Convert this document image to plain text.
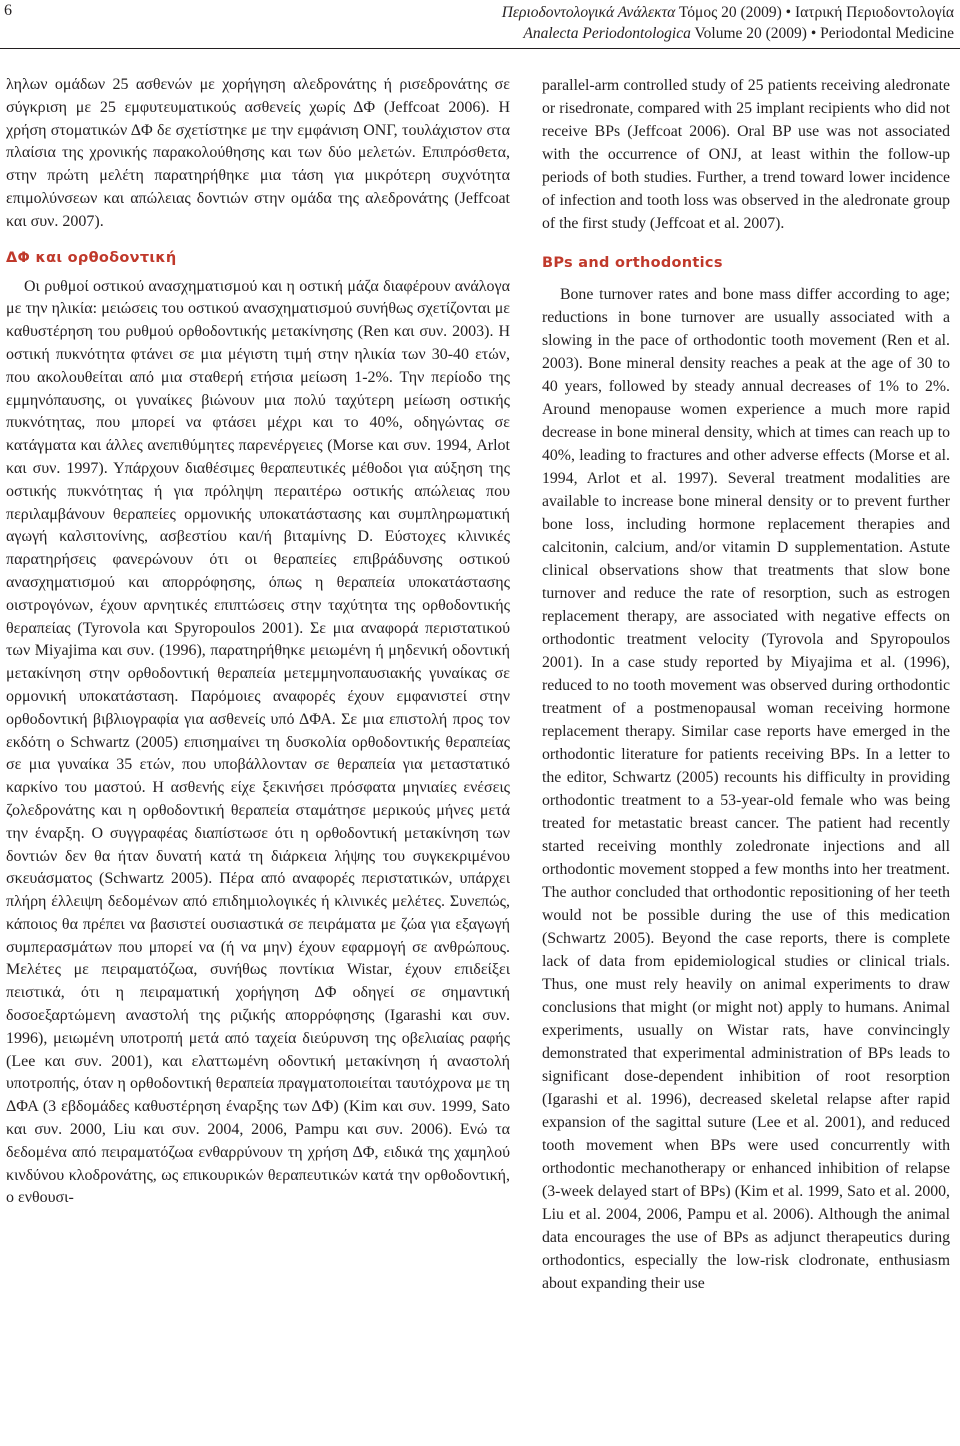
6	Περιοδοντολογικά Ανάλεκτα Τόμος 20 (2009) • Ιατρική Περιοδοντολογία
Analecta Periodontologica Volume 20 (2009) • Periodontal Medicine

ληλων ομάδων 25 ασθενών με χορήγηση αλεδρονάτης ή ρισεδρονάτης σε σύγκριση με 25 εμφυτευματικούς ασθενείς χωρίς ΔΦ (Jeffcoat 2006). Η χρήση στοματικών ΔΦ δε σχετίστηκε με την εμφάνιση ΟΝΓ, τουλάχιστον στα πλαίσια της χρονικής παρακολούθησης και των δύο μελετών. Επιπρόσθετα, στην πρώτη μελέτη παρατηρήθηκε μια τάση για μικρότερη συχνότητα επιμολύνσεων και απώλειας δοντιών στην ομάδα της αλεδρονάτης (Jeffcoat και συν. 2007).

ΔΦ και ορθοδοντική

Οι ρυθμοί οστικού ανασχηματισμού και η οστική μάζα διαφέρουν ανάλογα με την ηλικία: μειώσεις του οστικού ανασχηματισμού συνήθως σχετίζονται με καθυστέρηση του ρυθμού ορθοδοντικής μετακίνησης (Ren και συν. 2003). Η οστική πυκνότητα φτάνει σε μια μέγιστη τιμή στην ηλικία των 30-40 ετών, που ακολουθείται από μια σταθερή ετήσια μείωση 1-2%. Την περίοδο της εμμηνόπαυσης, οι γυναίκες βιώνουν μια πολύ ταχύτερη μείωση οστικής πυκνότητας, που μπορεί να φτάσει μέχρι και το 40%, οδηγώντας σε κατάγματα και άλλες ανεπιθύμητες παρενέργειες (Morse και συν. 1994, Arlot και συν. 1997). Υπάρχουν διαθέσιμες θεραπευτικές μέθοδοι για αύξηση της οστικής πυκνότητας ή για πρόληψη περαιτέρω οστικής απώλειας που περιλαμβάνουν θεραπείες ορμονικής υποκατάστασης και συμπληρωματική αγωγή καλσιτονίνης, ασβεστίου και/ή βιταμίνης D. Εύστοχες κλινικές παρατηρήσεις φανερώνουν ότι οι θεραπείες επιβράδυνσης οστικού ανασχηματισμού και απορρόφησης, όπως η θεραπεία υποκατάστασης οιστρογόνων, έχουν αρνητικές επιπτώσεις στην ταχύτητα της ορθοδοντικής θεραπείας (Tyrovola και Spyropoulos 2001). Σε μια αναφορά περιστατικού των Miyajima και συν. (1996), παρατηρήθηκε μειωμένη ή μηδενική οδοντική μετακίνηση στην ορθοδοντική θεραπεία μετεμμηνοπαυσιακής γυναίκας σε ορμονική υποκατάσταση. Παρόμοιες αναφορές έχουν εμφανιστεί στην ορθοδοντική βιβλιογραφία για ασθενείς υπό ΔΦΑ. Σε μια επιστολή προς τον εκδότη ο Schwartz (2005) επισημαίνει τη δυσκολία ορθοδοντικής θεραπείας σε μια γυναίκα 35 ετών, που υποβάλλονταν σε θεραπεία για μεταστατικό καρκίνο του μαστού. Η ασθενής είχε ξεκινήσει πρόσφατα μηνιαίες ενέσεις ζολεδρονάτης και η ορθοδοντική θεραπεία σταμάτησε μερικούς μήνες μετά την έναρξη. Ο συγγραφέας διαπίστωσε ότι η ορθοδοντική μετακίνηση των δοντιών δεν θα ήταν δυνατή κατά τη διάρκεια λήψης του συγκεκριμένου σκευάσματος (Schwartz 2005). Πέρα από αναφορές περιστατικών, υπάρχει πλήρη έλλειψη δεδομένων από επιδημιολογικές ή κλινικές μελέτες. Συνεπώς, κάποιος θα πρέπει να βασιστεί ουσιαστικά σε πειράματα με ζώα για εξαγωγή συμπερασμάτων που μπορεί να (ή να μην) έχουν εφαρμογή σε ανθρώπους. Μελέτες με πειραματόζωα, συνήθως ποντίκια Wistar, έχουν επιδείξει πειστικά, ότι η πειραματική χορήγηση ΔΦ οδηγεί σε σημαντική δοσοεξαρτώμενη αναστολή της ριζικής απορρόφησης (Igarashi και συν. 1996), μειωμένη υποτροπή μετά από ταχεία διεύρυνση της οβελιαίας ραφής (Lee και συν. 2001), και ελαττωμένη οδοντική μετακίνηση ή αναστολή υποτροπής, όταν η ορθοδοντική θεραπεία πραγματοποιείται ταυτόχρονα με τη ΔΦΑ (3 εβδομάδες καθυστέρηση έναρξης των ΔΦ) (Kim και συν. 1999, Sato και συν. 2000, Liu και συν. 2004, 2006, Pampu και συν. 2006). Ενώ τα δεδομένα από πειραματόζωα ενθαρρύνουν τη χρήση ΔΦ, ειδικά της χαμηλού κινδύνου κλοδρονάτης, ως επικουρικών θεραπευτικών κατά την ορθοδοντική, ο ενθουσι-

parallel-arm controlled study of 25 patients receiving aledronate or risedronate, compared with 25 implant recipients who did not receive BPs (Jeffcoat 2006). Oral BP use was not associated with the occurrence of ONJ, at least within the follow-up periods of both studies. Further, a trend toward lower incidence of infection and tooth loss was observed in the aledronate group of the first study (Jeffcoat et al. 2007).

BPs and orthodontics

Bone turnover rates and bone mass differ according to age; reductions in bone turnover are usually associated with a slowing in the pace of orthodontic tooth movement (Ren et al. 2003). Bone mineral density reaches a peak at the age of 30 to 40 years, followed by steady annual decreases of 1% to 2%. Around menopause women experience a much more rapid decrease in bone mineral density, which at times can reach up to 40%, leading to fractures and other adverse effects (Morse et al. 1994, Arlot et al. 1997). Several treatment modalities are available to increase bone mineral density or to prevent further bone loss, including hormone replacement therapies and calcitonin, calcium, and/or vitamin D supplementation. Astute clinical observations show that treatments that slow bone turnover and reduce the rate of resorption, such as estrogen replacement therapy, are associated with negative effects on orthodontic treatment velocity (Tyrovola and Spyropoulos 2001). In a case study reported by Miyajima et al. (1996), reduced to no tooth movement was observed during orthodontic treatment of a postmenopausal woman receiving hormone replacement therapy. Similar case reports have emerged in the orthodontic literature for patients receiving BPs. In a letter to the editor, Schwartz (2005) recounts his difficulty in providing orthodontic treatment to a 53-year-old female who was being treated for metastatic breast cancer. The patient had recently started receiving monthly zoledronate injections and all orthodontic movement stopped a few months into her treatment. The author concluded that orthodontic repositioning of her teeth would not be possible during the use of this medication (Schwartz 2005). Beyond the case reports, there is complete lack of data from epidemiological studies or clinical trials. Thus, one must rely heavily on animal experiments to draw conclusions that might (or might not) apply to humans. Animal experiments, usually on Wistar rats, have convincingly demonstrated that experimental administration of BPs leads to significant dose-dependent inhibition of root resorption (Igarashi et al. 1996), decreased skeletal relapse after rapid expansion of the sagittal suture (Lee et al. 2001), and reduced tooth movement when BPs were used concurrently with orthodontic mechanotherapy or enhanced inhibition of relapse (3-week delayed start of BPs) (Kim et al. 1999, Sato et al. 2000, Liu et al. 2004, 2006, Pampu et al. 2006). Although the animal data encourages the use of BPs as adjunct therapeutics during orthodontics, especially the low-risk clodronate, enthusiasm about expanding their use
